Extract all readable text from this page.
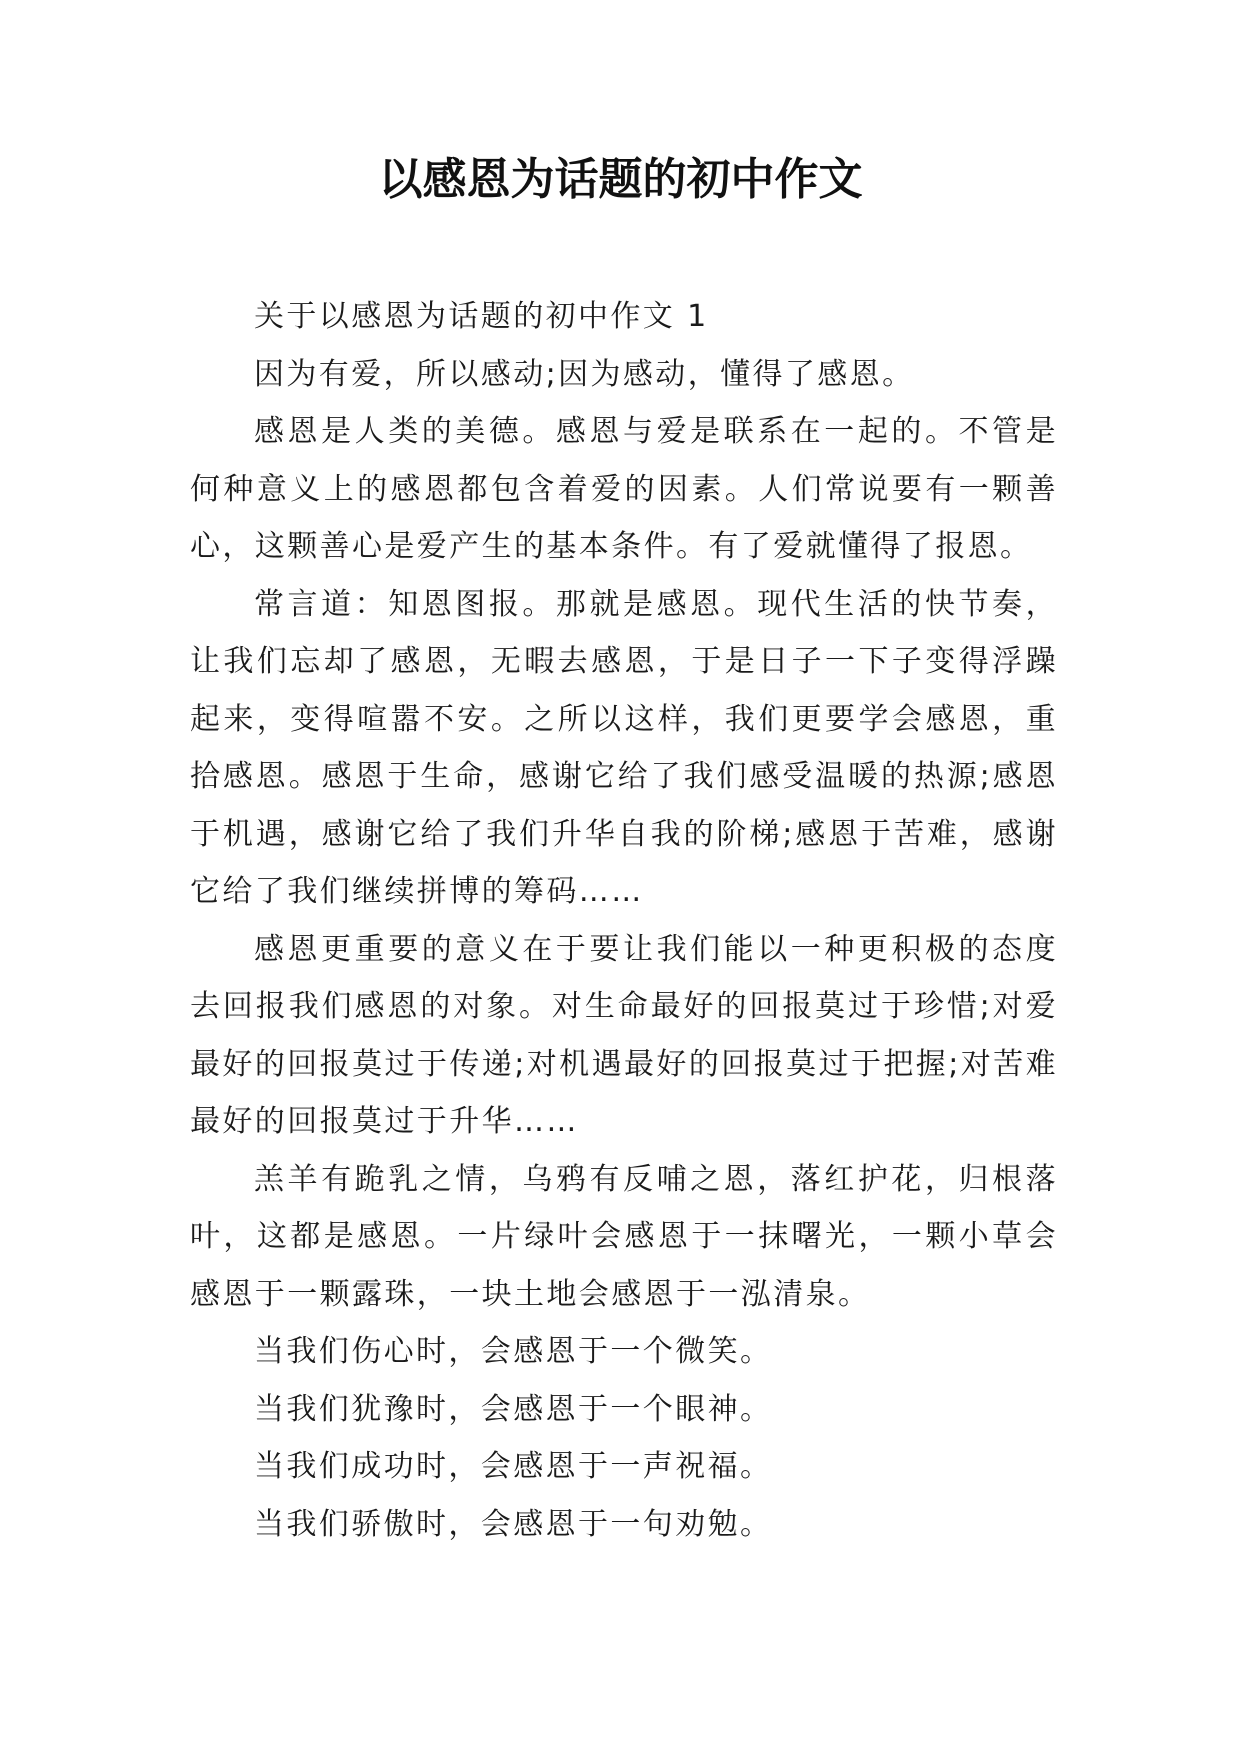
以感恩为话题的初中作文

关于以感恩为话题的初中作文 1

因为有爱，所以感动;因为感动，懂得了感恩。

感恩是人类的美德。感恩与爱是联系在一起的。不管是何种意义上的感恩都包含着爱的因素。人们常说要有一颗善心，这颗善心是爱产生的基本条件。有了爱就懂得了报恩。

常言道：知恩图报。那就是感恩。现代生活的快节奏，让我们忘却了感恩，无暇去感恩，于是日子一下子变得浮躁起来，变得喧嚣不安。之所以这样，我们更要学会感恩，重拾感恩。感恩于生命，感谢它给了我们感受温暖的热源;感恩于机遇，感谢它给了我们升华自我的阶梯;感恩于苦难，感谢它给了我们继续拼博的筹码……

感恩更重要的意义在于要让我们能以一种更积极的态度去回报我们感恩的对象。对生命最好的回报莫过于珍惜;对爱最好的回报莫过于传递;对机遇最好的回报莫过于把握;对苦难最好的回报莫过于升华……

羔羊有跪乳之情，乌鸦有反哺之恩，落红护花，归根落叶，这都是感恩。一片绿叶会感恩于一抹曙光，一颗小草会感恩于一颗露珠，一块土地会感恩于一泓清泉。

当我们伤心时，会感恩于一个微笑。

当我们犹豫时，会感恩于一个眼神。

当我们成功时，会感恩于一声祝福。

当我们骄傲时，会感恩于一句劝勉。
